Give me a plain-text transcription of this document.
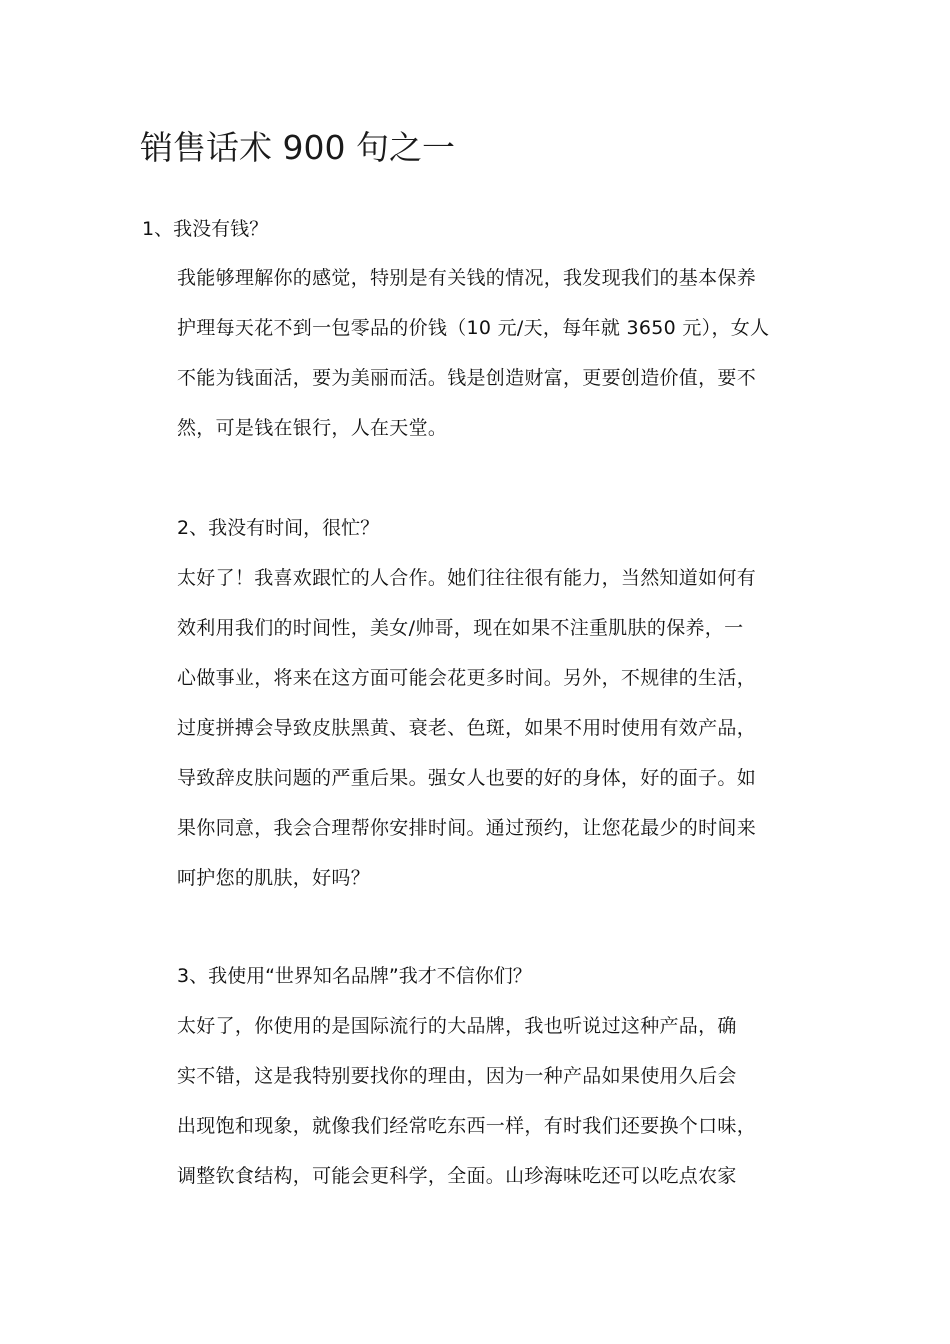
销售话术 900 句之一

1、我没有钱？

我能够理解你的感觉，特别是有关钱的情况，我发现我们的基本保养
护理每天花不到一包零品的价钱（10 元/天，每年就 3650 元），女人
不能为钱面活，要为美丽而活。钱是创造财富，更要创造价值，要不
然，可是钱在银行，人在天堂。

2、我没有时间，很忙？

太好了！我喜欢跟忙的人合作。她们往往很有能力，当然知道如何有
效利用我们的时间性，美女/帅哥，现在如果不注重肌肤的保养，一
心做事业，将来在这方面可能会花更多时间。另外，不规律的生活，
过度拼搏会导致皮肤黑黄、衰老、色斑，如果不用时使用有效产品，
导致辞皮肤问题的严重后果。强女人也要的好的身体，好的面子。如
果你同意，我会合理帮你安排时间。通过预约，让您花最少的时间来
呵护您的肌肤，好吗？

3、我使用“世界知名品牌”我才不信你们？

太好了，你使用的是国际流行的大品牌，我也听说过这种产品，确
实不错，这是我特别要找你的理由，因为一种产品如果使用久后会
出现饱和现象，就像我们经常吃东西一样，有时我们还要换个口味，
调整钦食结构，可能会更科学，全面。山珍海味吃还可以吃点农家
